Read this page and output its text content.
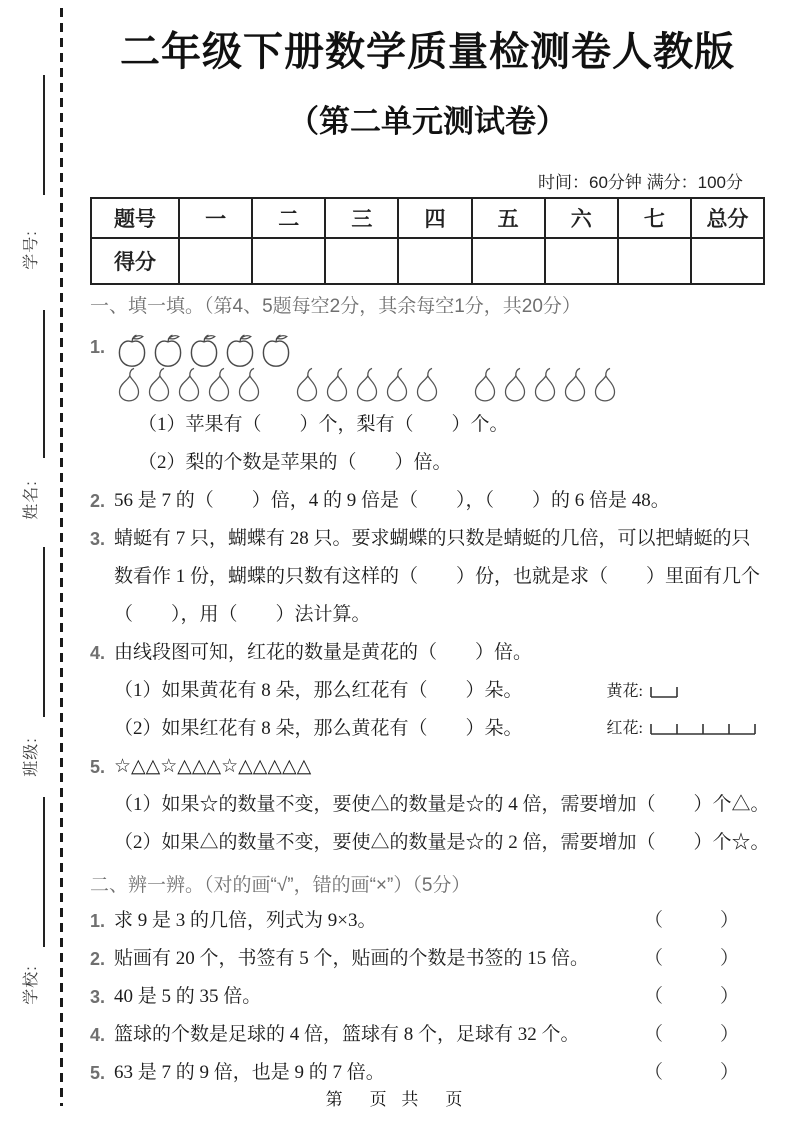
学号:
姓名:
班级:
学校:
二年级下册数学质量检测卷人教版
（第二单元测试卷）
时间：60分钟 满分：100分
题号	一	二	三	四	五	六	七	总分
得分								
一、填一填。（第4、5题每空2分，其余每空1分，共20分）
1.
（1）苹果有（　　）个，梨有（　　）个。
（2）梨的个数是苹果的（　　）倍。
2. 56 是 7 的（　　）倍，4 的 9 倍是（　　），（　　）的 6 倍是 48。
3. 蜻蜓有 7 只，蝴蝶有 28 只。要求蝴蝶的只数是蜻蜓的几倍，可以把蜻蜓的只数看作 1 份，蝴蝶的只数有这样的（　　）份，也就是求（　　）里面有几个（　　），用（　　）法计算。
4. 由线段图可知，红花的数量是黄花的（　　）倍。
（1）如果黄花有 8 朵，那么红花有（　　）朵。
（2）如果红花有 8 朵，那么黄花有（　　）朵。
黄花:
红花:
5. ☆△△☆△△△☆△△△△△
（1）如果☆的数量不变，要使△的数量是☆的 4 倍，需要增加（　　）个△。
（2）如果△的数量不变，要使△的数量是☆的 2 倍，需要增加（　　）个☆。
二、辨一辨。（对的画“√”，错的画“×”）（5分）
1. 求 9 是 3 的几倍，列式为 9×3。	（　　　）
2. 贴画有 20 个，书签有 5 个，贴画的个数是书签的 15 倍。	（　　　）
3. 40 是 5 的 35 倍。	（　　　）
4. 篮球的个数是足球的 4 倍，篮球有 8 个，足球有 32 个。	（　　　）
5. 63 是 7 的 9 倍，也是 9 的 7 倍。	（　　　）
第　页 共　页
